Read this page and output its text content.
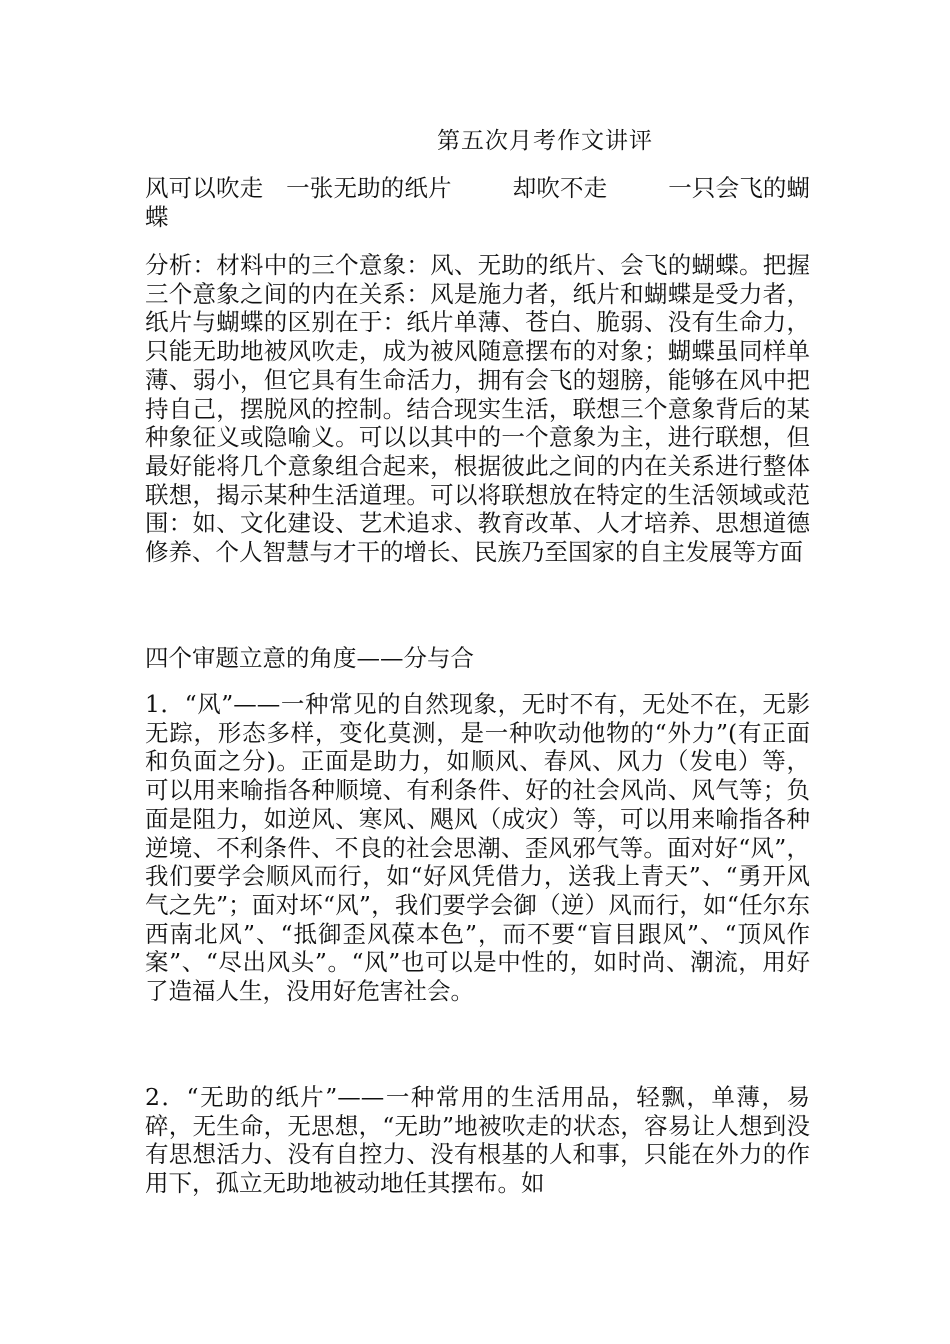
第五次月考作文讲评
风可以吹走 一张无助的纸片	却吹不走	一只会飞的蝴蝶
分析：材料中的三个意象：风、无助的纸片、会飞的蝴蝶。把握三个意象之间的内在关系：风是施力者，纸片和蝴蝶是受力者，纸片与蝴蝶的区别在于：纸片单薄、苍白、脆弱、没有生命力，只能无助地被风吹走，成为被风随意摆布的对象；蝴蝶虽同样单薄、弱小，但它具有生命活力，拥有会飞的翅膀，能够在风中把持自己，摆脱风的控制。结合现实生活，联想三个意象背后的某种象征义或隐喻义。可以以其中的一个意象为主，进行联想，但最好能将几个意象组合起来，根据彼此之间的内在关系进行整体联想，揭示某种生活道理。可以将联想放在特定的生活领域或范围：如、文化建设、艺术追求、教育改革、人才培养、思想道德修养、个人智慧与才干的增长、民族乃至国家的自主发展等方面
四个审题立意的角度——分与合
1．“风”——一种常见的自然现象，无时不有，无处不在，无影无踪，形态多样，变化莫测，是一种吹动他物的“外力”(有正面和负面之分)。正面是助力，如顺风、春风、风力（发电）等，可以用来喻指各种顺境、有利条件、好的社会风尚、风气等；负面是阻力，如逆风、寒风、飓风（成灾）等，可以用来喻指各种逆境、不利条件、不良的社会思潮、歪风邪气等。面对好“风”，我们要学会顺风而行，如“好风凭借力，送我上青天”、“勇开风气之先”；面对坏“风”，我们要学会御（逆）风而行，如“任尔东西南北风”、“抵御歪风葆本色”，而不要“盲目跟风”、“顶风作案”、“尽出风头”。“风”也可以是中性的，如时尚、潮流，用好了造福人生，没用好危害社会。
2．“无助的纸片”——一种常用的生活用品，轻飘，单薄，易碎，无生命，无思想，“无助”地被吹走的状态，容易让人想到没有思想活力、没有自控力、没有根基的人和事，只能在外力的作用下，孤立无助地被动地任其摆布。如
